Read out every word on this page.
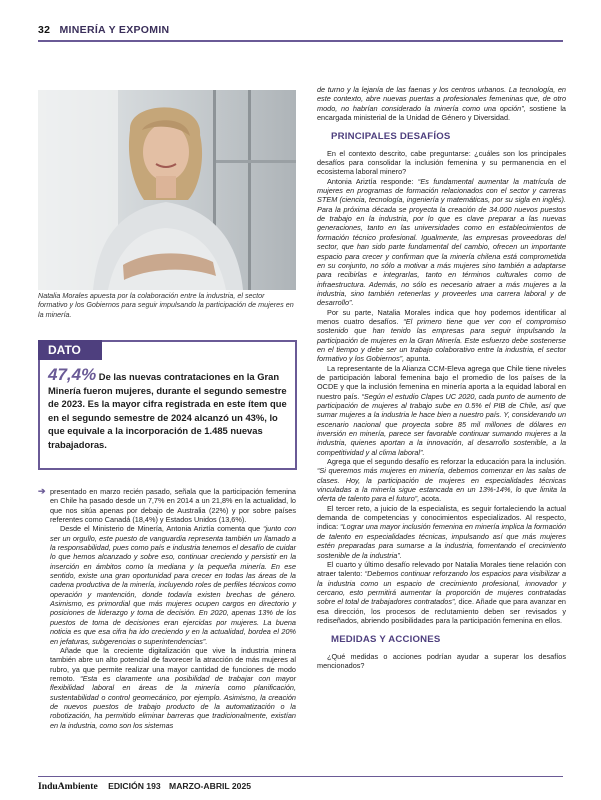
32 MINERÍA Y EXPOMIN
Natalia Morales apuesta por la colaboración entre la industria, el sector formativo y los Gobiernos para seguir impulsando la participación de mujeres en la minería.
DATO
47,4% De las nuevas contrataciones en la Gran Minería fueron mujeres, durante el segundo semestre de 2023. Es la mayor cifra registrada en este ítem que en el segundo semestre de 2024 alcanzó un 43%, lo que equivale a la incorporación de 1.485 nuevas trabajadoras.
➔ presentado en marzo recién pasado, señala que la participación femenina en Chile ha pasado desde un 7,7% en 2014 a un 21,8% en la actualidad, lo que nos sitúa apenas por debajo de Australia (22%) y por sobre países referentes como Canadá (18,4%) y Estados Unidos (13,6%).

Desde el Ministerio de Minería, Antonia Ariztía comenta que “junto con ser un orgullo, este puesto de vanguardia representa también un llamado a la responsabilidad, pues como país e industria tenemos el desafío de cuidar lo que hemos alcanzado y sobre eso, continuar creciendo y persistir en la inserción en ámbitos como la mediana y la pequeña minería. En ese sentido, existe una gran oportunidad para crecer en todas las áreas de la cadena productiva de la minería, incluyendo roles de perfiles técnicos como operación y mantención, donde todavía existen brechas de género. Asimismo, es primordial que más mujeres ocupen cargos en directorio y posiciones de liderazgo y toma de decisión. En 2020, apenas 13% de los puestos de toma de decisiones eran ejercidas por mujeres. La buena noticia es que esa cifra ha ido creciendo y en la actualidad, bordea el 20% en jefaturas, subgerencias o superintendencias”.

Añade que la creciente digitalización que vive la industria minera también abre un alto potencial de favorecer la atracción de más mujeres al rubro, ya que permite realizar una mayor cantidad de funciones de modo remoto. “Esta es claramente una posibilidad de trabajar con mayor flexibilidad laboral en áreas de la minería como planificación, sustentabilidad o control geomecánico, por ejemplo. Asimismo, la creación de nuevos puestos de trabajo producto de la automatización o la robotización, ha permitido eliminar barreras que tradicionalmente, existían en la industria, como son los sistemas

de turno y la lejanía de las faenas y los centros urbanos. La tecnología, en este contexto, abre nuevas puertas a profesionales femeninas que, de otro modo, no habrían considerado la minería como una opción”, sostiene la encargada ministerial de la Unidad de Género y Diversidad.

PRINCIPALES DESAFÍOS

En el contexto descrito, cabe preguntarse: ¿cuáles son los principales desafíos para consolidar la inclusión femenina y su permanencia en el ecosistema laboral minero?

Antonia Ariztía responde: “Es fundamental aumentar la matrícula de mujeres en programas de formación relacionados con el sector y carreras STEM (ciencia, tecnología, ingeniería y matemáticas, por su sigla en inglés). Para la próxima década se proyecta la creación de 34.000 nuevos puestos de trabajo en la industria, por lo que es clave preparar a las nuevas generaciones, tanto en las universidades como en establecimientos de formación técnico profesional. Igualmente, las empresas proveedoras del sector, que han sido parte fundamental del cambio, ofrecen un importante espacio para crecer y confirman que la minería chilena está comprometida en su conjunto, no sólo a motivar a más mujeres sino también a adaptarse para recibirlas e integrarlas, tanto en términos culturales como de infraestructura. Además, no sólo es necesario atraer a más mujeres a la industria, sino también retenerlas y proveerles una carrera laboral y de desarrollo”.

Por su parte, Natalia Morales indica que hoy podemos identificar al menos cuatro desafíos. “El primero tiene que ver con el compromiso sostenido que han tenido las empresas para seguir impulsando la participación de mujeres en la Gran Minería. Este esfuerzo debe sostenerse en el tiempo y debe ser un trabajo colaborativo entre la industria, el sector formativo y los Gobiernos”, apunta.

La representante de la Alianza CCM-Eleva agrega que Chile tiene niveles de participación laboral femenina bajo el promedio de los países de la OCDE y que la inclusión femenina en minería aporta a la equidad laboral en nuestro país. “Según el estudio Clapes UC 2020, cada punto de aumento de participación de mujeres al trabajo sube en 0.5% el PIB de Chile, así que sumar mujeres a la industria le hace bien a nuestro país. Y, considerando un escenario nacional que proyecta sobre 85 mil millones de dólares en inversión en minería, parece ser favorable continuar sumando mujeres a la industria, quienes aportan a la innovación, al desarrollo sostenible, a la competitividad y al clima laboral”.

Agrega que el segundo desafío es reforzar la educación para la inclusión. “Si queremos más mujeres en minería, debemos comenzar en las salas de clases. Hoy, la participación de mujeres en especialidades técnicas vinculadas a la minería sigue estancada en un 13%-14%, lo que limita la oferta de talento para el futuro”, acota.

El tercer reto, a juicio de la especialista, es seguir fortaleciendo la actual demanda de competencias y conocimientos especializados. Al respecto, indica: “Lograr una mayor inclusión femenina en minería implica la formación de talento en especialidades técnicas, impulsando así que más mujeres estén preparadas para sumarse a la industria, fomentando el crecimiento sostenible de la industria”.

El cuarto y último desafío relevado por Natalia Morales tiene relación con atraer talento: “Debemos continuar reforzando los espacios para visibilizar a la industria como un espacio de crecimiento profesional, innovador y cercano, esto permitirá aumentar la proporción de mujeres contratadas sobre el total de trabajadores contratados”, dice. Añade que para avanzar en esa dirección, los procesos de reclutamiento deben ser revisados y rediseñados, abriendo posibilidades para la participación femenina en ellos.

MEDIDAS Y ACCIONES

¿Qué medidas o acciones podrían ayudar a superar los desafíos mencionados?

InduAmbiente EDICIÓN 193 MARZO-ABRIL 2025
